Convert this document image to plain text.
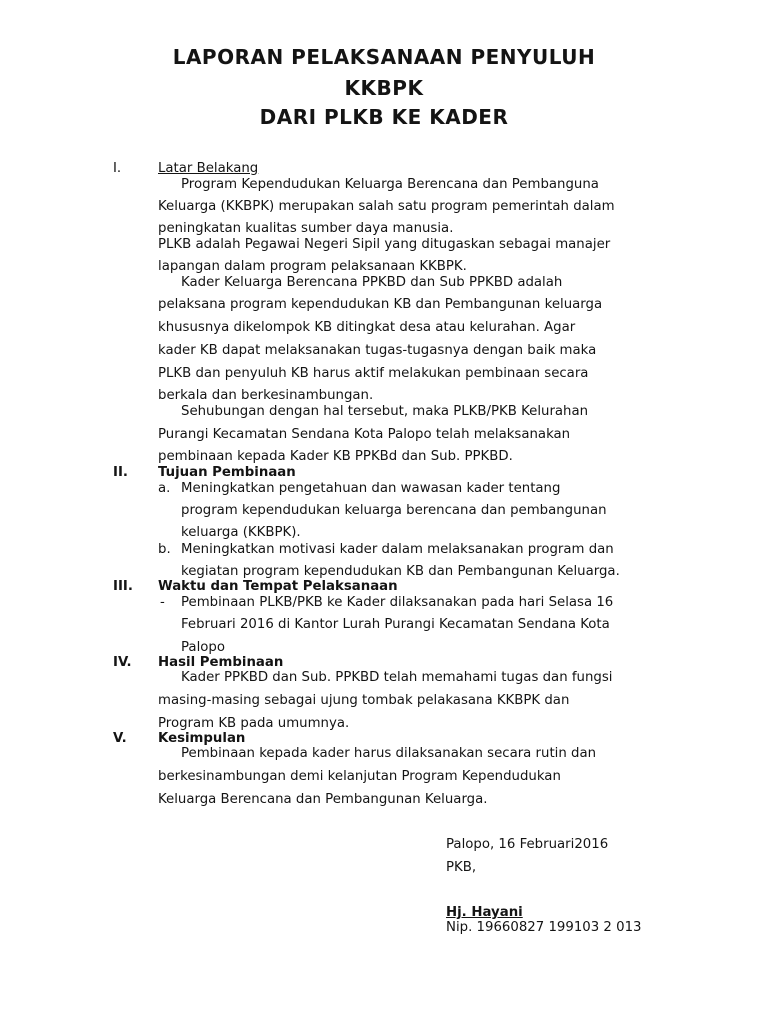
LAPORAN PELAKSANAAN PENYULUH
KKBPK
DARI PLKB KE KADER
I.	Latar Belakang
Program Kependudukan Keluarga Berencana dan Pembanguna
Keluarga (KKBPK) merupakan salah satu program pemerintah dalam
peningkatan kualitas sumber daya manusia.
PLKB adalah Pegawai Negeri Sipil yang ditugaskan sebagai manajer
lapangan dalam program pelaksanaan KKBPK.
Kader Keluarga Berencana PPKBD dan Sub PPKBD adalah
pelaksana program kependudukan KB dan Pembangunan keluarga
khususnya dikelompok KB ditingkat desa atau kelurahan. Agar
kader KB dapat melaksanakan tugas-tugasnya dengan baik maka
PLKB dan penyuluh KB harus aktif melakukan pembinaan secara
berkala dan berkesinambungan.
Sehubungan dengan hal tersebut, maka PLKB/PKB Kelurahan
Purangi Kecamatan Sendana Kota Palopo telah melaksanakan
pembinaan kepada Kader KB PPKBd dan Sub. PPKBD.
II. Tujuan Pembinaan
a. Meningkatkan pengetahuan dan wawasan kader tentang
program kependudukan keluarga berencana dan pembangunan
keluarga (KKBPK).
b. Meningkatkan motivasi kader dalam melaksanakan program dan
kegiatan program kependudukan KB dan Pembangunan Keluarga.
III. Waktu dan Tempat Pelaksanaan
- Pembinaan PLKB/PKB ke Kader dilaksanakan pada hari Selasa 16
Februari 2016 di Kantor Lurah Purangi Kecamatan Sendana Kota
Palopo
IV. Hasil Pembinaan
Kader PPKBD dan Sub. PPKBD telah memahami tugas dan fungsi
masing-masing sebagai ujung tombak pelakasana KKBPK dan
Program KB pada umumnya.
V. Kesimpulan
Pembinaan kepada kader harus dilaksanakan secara rutin dan
berkesinambungan demi kelanjutan Program Kependudukan
Keluarga Berencana dan Pembangunan Keluarga.
Palopo, 16 Februari2016
PKB,
Hj. Hayani
Nip. 19660827 199103 2 013
